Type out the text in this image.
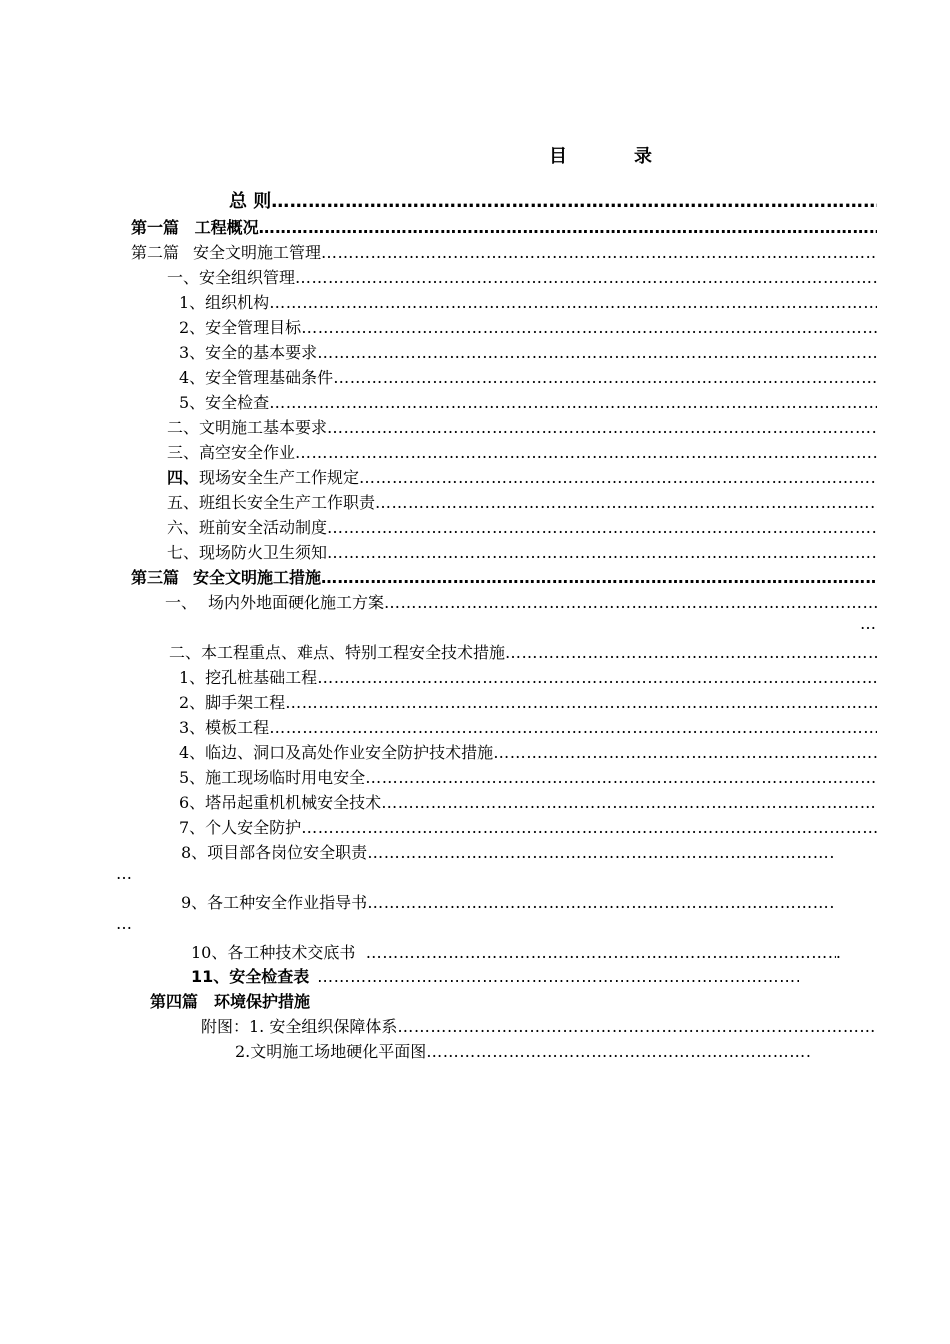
目	录
总 则
…………………………………………………………………………………………………………………………………………………………………………………………………………………………
第一篇 工程概况
…………………………………………………………………………………………………………………………………………………………………………………………………………………………
第二篇 安全文明施工管理
…………………………………………………………………………………………………………………………………………………………………………………………………………………………
一、安全组织管理
…………………………………………………………………………………………………………………………………………………………………………………………………………………………
1、组织机构
…………………………………………………………………………………………………………………………………………………………………………………………………………………………
2、安全管理目标
…………………………………………………………………………………………………………………………………………………………………………………………………………………………
3、安全的基本要求
…………………………………………………………………………………………………………………………………………………………………………………………………………………………
4、安全管理基础条件
…………………………………………………………………………………………………………………………………………………………………………………………………………………………
5、安全检查
…………………………………………………………………………………………………………………………………………………………………………………………………………………………
二、文明施工基本要求
…………………………………………………………………………………………………………………………………………………………………………………………………………………………
三、高空安全作业
…………………………………………………………………………………………………………………………………………………………………………………………………………………………
四、 现场安全生产工作规定
…………………………………………………………………………………………………………………………………………………………………………………………………………………………
五、班组长安全生产工作职责
…………………………………………………………………………………………………………………………………………………………………………………………………………………………
六、班前安全活动制度
…………………………………………………………………………………………………………………………………………………………………………………………………………………………
七、现场防火卫生须知
…………………………………………………………………………………………………………………………………………………………………………………………………………………………
第三篇 安全文明施工措施
…………………………………………………………………………………………………………………………………………………………………………………………………………………………
一、 场内外地面硬化施工方案
…………………………………………………………………………………………………………………………………………………………………………………………………………………………
…
二、本工程重点、难点、特别工程安全技术措施
…………………………………………………………………………………………………………………………………………………………………………………………………………………………
1、挖孔桩基础工程
…………………………………………………………………………………………………………………………………………………………………………………………………………………………
2、脚手架工程
…………………………………………………………………………………………………………………………………………………………………………………………………………………………
3、模板工程
…………………………………………………………………………………………………………………………………………………………………………………………………………………………
4、临边、洞口及高处作业安全防护技术措施
…………………………………………………………………………………………………………………………………………………………………………………………………………………………
5、施工现场临时用电安全
…………………………………………………………………………………………………………………………………………………………………………………………………………………………
6、塔吊起重机机械安全技术
…………………………………………………………………………………………………………………………………………………………………………………………………………………………
7、个人安全防护
…………………………………………………………………………………………………………………………………………………………………………………………………………………………
8、项目部各岗位安全职责
…………………………………………………………………………………………………………………………………………………………………………………………………………………………
…
9、各工种安全作业指导书
…………………………………………………………………………………………………………………………………………………………………………………………………………………………
…
10、各工种技术交底书
…………………………………………………………………………………………………………………………………………………………………………………………………………………………	.
11、安全检查表
…………………………………………………………………………………………………………………………………………………………………………………………………………………………
第四篇 环境保护措施
附图：1. 安全组织保障体系
…………………………………………………………………………………………………………………………………………………………………………………………………………………………
2.文明施工场地硬化平面图
…………………………………………………………………………………………………………………………………………………………………………………………………………………………
